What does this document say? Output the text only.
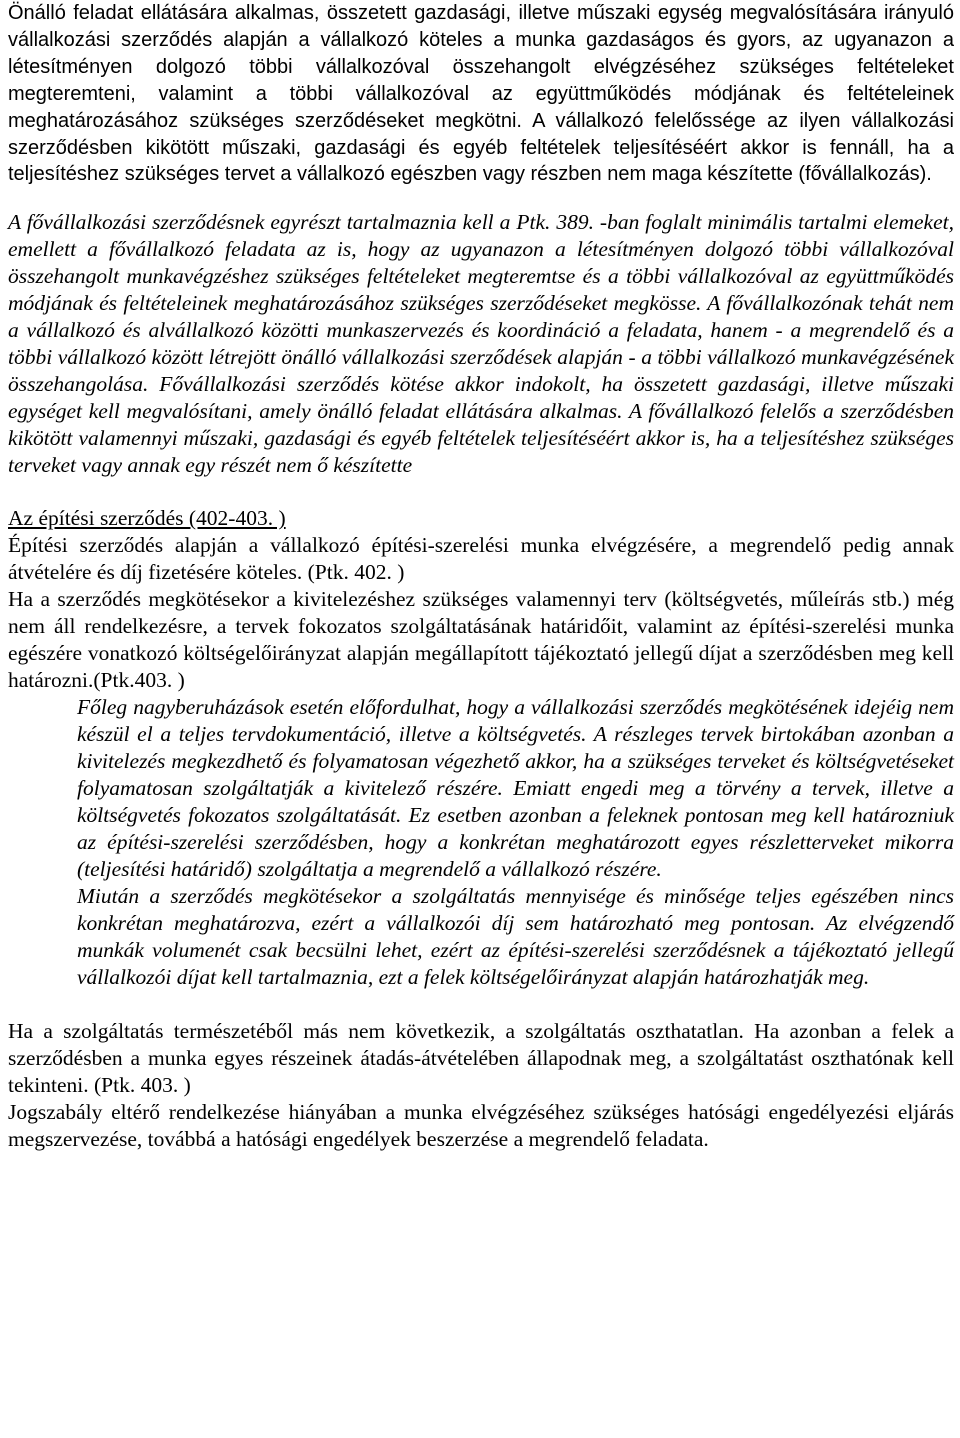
Önálló feladat ellátására alkalmas, összetett gazdasági, illetve műszaki egység megvalósítására irányuló vállalkozási szerződés alapján a vállalkozó köteles a munka gazdaságos és gyors, az ugyanazon a létesítményen dolgozó többi vállalkozóval összehangolt elvégzéséhez szükséges feltételeket megteremteni, valamint a többi vállalkozóval az együttműködés módjának és feltételeinek meghatározásához szükséges szerződéseket megkötni. A vállalkozó felelőssége az ilyen vállalkozási szerződésben kikötött műszaki, gazdasági és egyéb feltételek teljesítéséért akkor is fennáll, ha a teljesítéshez szükséges tervet a vállalkozó egészben vagy részben nem maga készítette (fővállalkozás).

A fővállalkozási szerződésnek egyrészt tartalmaznia kell a Ptk. 389. -ban foglalt minimális tartalmi elemeket, emellett a fővállalkozó feladata az is, hogy az ugyanazon a létesítményen dolgozó többi vállalkozóval összehangolt munkavégzéshez szükséges feltételeket megteremtse és a többi vállalkozóval az együttműködés módjának és feltételeinek meghatározásához szükséges szerződéseket megkösse. A fővállalkozónak tehát nem a vállalkozó és alvállalkozó közötti munkaszervezés és koordináció a feladata, hanem - a megrendelő és a többi vállalkozó között létrejött önálló vállalkozási szerződések alapján - a többi vállalkozó munkavégzésének összehangolása. Fővállalkozási szerződés kötése akkor indokolt, ha összetett gazdasági, illetve műszaki egységet kell megvalósítani, amely önálló feladat ellátására alkalmas. A fővállalkozó felelős a szerződésben kikötött valamennyi műszaki, gazdasági és egyéb feltételek teljesítéséért akkor is, ha a teljesítéshez szükséges terveket vagy annak egy részét nem ő készítette

Az építési szerződés (402-403. )

Építési szerződés alapján a vállalkozó építési-szerelési munka elvégzésére, a megrendelő pedig annak átvételére és díj fizetésére köteles. (Ptk. 402. )

Ha a szerződés megkötésekor a kivitelezéshez szükséges valamennyi terv (költségvetés, műleírás stb.) még nem áll rendelkezésre, a tervek fokozatos szolgáltatásának határidőit, valamint az építési-szerelési munka egészére vonatkozó költségelőirányzat alapján megállapított tájékoztató jellegű díjat a szerződésben meg kell határozni.(Ptk.403. )

Főleg nagyberuházások esetén előfordulhat, hogy a vállalkozási szerződés megkötésének idejéig nem készül el a teljes tervdokumentáció, illetve a költségvetés. A részleges tervek birtokában azonban a kivitelezés megkezdhető és folyamatosan végezhető akkor, ha a szükséges terveket és költségvetéseket folyamatosan szolgáltatják a kivitelező részére. Emiatt engedi meg a törvény a tervek, illetve a költségvetés fokozatos szolgáltatását. Ez esetben azonban a feleknek pontosan meg kell határozniuk az építési-szerelési szerződésben, hogy a konkrétan meghatározott egyes részletterveket mikorra (teljesítési határidő) szolgáltatja a megrendelő a vállalkozó részére.

Miután a szerződés megkötésekor a szolgáltatás mennyisége és minősége teljes egészében nincs konkrétan meghatározva, ezért a vállalkozói díj sem határozható meg pontosan. Az elvégzendő munkák volumenét csak becsülni lehet, ezért az építési-szerelési szerződésnek a tájékoztató jellegű vállalkozói díjat kell tartalmaznia, ezt a felek költségelőirányzat alapján határozhatják meg.

Ha a szolgáltatás természetéből más nem következik, a szolgáltatás oszthatatlan. Ha azonban a felek a szerződésben a munka egyes részeinek átadás-átvételében állapodnak meg, a szolgáltatást oszthatónak kell tekinteni. (Ptk. 403. )

Jogszabály eltérő rendelkezése hiányában a munka elvégzéséhez szükséges hatósági engedélyezési eljárás megszervezése, továbbá a hatósági engedélyek beszerzése a megrendelő feladata.
